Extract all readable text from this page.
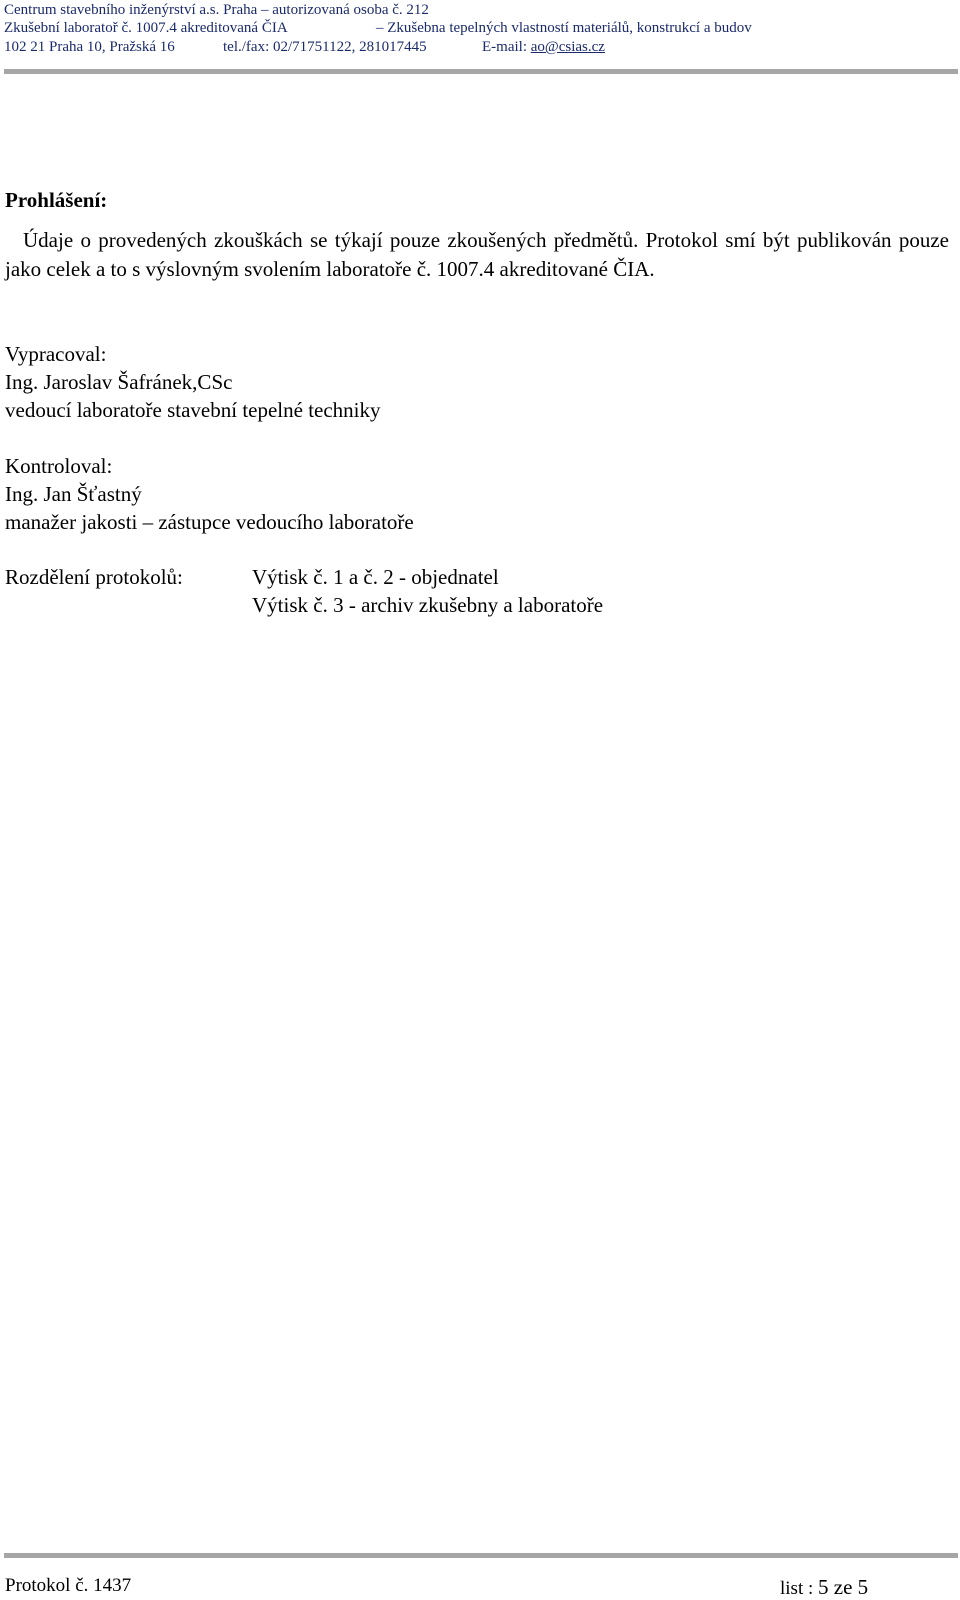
Centrum stavebního inženýrství a.s. Praha – autorizovaná osoba č. 212
Zkušební laboratoř č. 1007.4 akreditovaná ČIA	– Zkušebna tepelných vlastností materiálů, konstrukcí a budov
102 21 Praha 10, Pražská 16	tel./fax: 02/71751122, 281017445	E-mail: ao@csias.cz
Prohlášení:
Údaje o provedených zkouškách se týkají pouze zkoušených předmětů. Protokol smí být publikován pouze jako celek a to s výslovným svolením laboratoře č. 1007.4 akreditované ČIA.
Vypracoval:
Ing. Jaroslav Šafránek,CSc
vedoucí laboratoře stavební tepelné techniky
Kontroloval:
Ing. Jan Šťastný
manažer jakosti – zástupce vedoucího laboratoře
Rozdělení protokolů:	Výtisk č. 1 a č. 2 - objednatel
Výtisk č. 3 - archiv zkušebny a laboratoře
Protokol č. 1437	list : 5 ze 5
